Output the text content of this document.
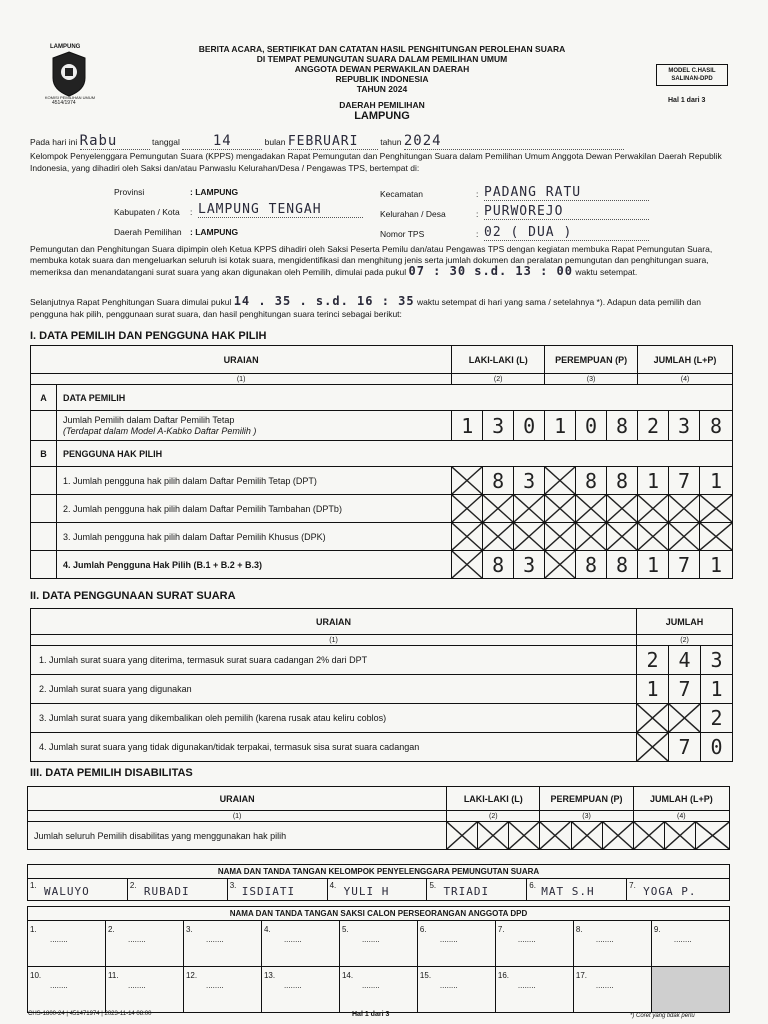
LAMPUNG
KOMISI PEMILIHAN UMUM
4514/1974
BERITA ACARA, SERTIFIKAT DAN CATATAN HASIL PENGHITUNGAN PEROLEHAN SUARA
DI TEMPAT PEMUNGUTAN SUARA DALAM PEMILIHAN UMUM
ANGGOTA DEWAN PERWAKILAN DAERAH
REPUBLIK INDONESIA
TAHUN 2024
DAERAH PEMILIHAN
LAMPUNG
MODEL C.HASIL SALINAN-DPD
Hal 1 dari 3
Pada hari ini Rabu	tanggal 14	bulan FEBRUARI	tahun 2024
Kelompok Penyelenggara Pemungutan Suara (KPPS) mengadakan Rapat Pemungutan dan Penghitungan Suara dalam Pemilihan Umum Anggota Dewan Perwakilan Daerah Republik Indonesia, yang dihadiri oleh Saksi dan/atau Panwaslu Kelurahan/Desa / Pengawas TPS, bertempat di:
Provinsi	: LAMPUNG
Kabupaten / Kota : LAMPUNG TENGAH
Daerah Pemilihan : LAMPUNG
Kecamatan	: PADANG RATU
Kelurahan / Desa	: PURWOREJO
Nomor TPS	: 02 ( DUA )
Pemungutan dan Penghitungan Suara dipimpin oleh Ketua KPPS dihadiri oleh Saksi Peserta Pemilu dan/atau Pengawas TPS dengan kegiatan membuka Rapat Pemungutan Suara, membuka kotak suara dan mengeluarkan seluruh isi kotak suara, mengidentifikasi dan menghitung jenis serta jumlah dokumen dan peralatan pemungutan dan penghitungan suara, memeriksa dan menandatangani surat suara yang akan digunakan oleh Pemilih, dimulai pada pukul 07 : 30 s.d. 13 : 00 waktu setempat.
Selanjutnya Rapat Penghitungan Suara dimulai pukul 14 . 35 . s.d. 16 : 35 waktu setempat di hari yang sama / setelahnya *). Adapun data pemilih dan pengguna hak pilih, penggunaan surat suara, dan hasil penghitungan suara terinci sebagai berikut:
I. DATA PEMILIH DAN PENGGUNA HAK PILIH
URAIAN		LAKI-LAKI (L)			PEREMPUAN (P)			JUMLAH (L+P)		
(1)		(2)			(3)			(4)		
A	DATA PEMILIH									

	Jumlah Pemilih dalam Daftar Pemilih Tetap
(Terdapat dalam Model A-Kabko Daftar Pemilih )	1	3	0	1	0	8	2	3	8
B	PENGGUNA HAK PILIH									
	1. Jumlah pengguna hak pilih dalam Daftar Pemilih Tetap (DPT)		8	3		8	8	1	7	1
	2. Jumlah pengguna hak pilih dalam Daftar Pemilih Tambahan (DPTb)	

	3. Jumlah pengguna hak pilih dalam Daftar Pemilih Khusus (DPK)	

	4. Jumlah Pengguna Hak Pilih (B.1 + B.2 + B.3)		8	3		8	8	1	7	1
II. DATA PENGGUNAAN SURAT SUARA
URAIAN	JUMLAH		
(1)	(2)		
1. Jumlah surat suara yang diterima, termasuk surat suara cadangan 2% dari DPT	2	4	3
2. Jumlah surat suara yang digunakan	1	7	1
3. Jumlah surat suara yang dikembalikan oleh pemilih (karena rusak atau keliru coblos)			2
4. Jumlah surat suara yang tidak digunakan/tidak terpakai, termasuk sisa surat suara cadangan		7	0
III. DATA PEMILIH DISABILITAS
URAIAN	LAKI-LAKI (L)			PEREMPUAN (P)			JUMLAH (L+P)		
(1)	(2)			(3)			(4)		
Jumlah seluruh Pemilih disabilitas yang menggunakan hak pilih	

NAMA DAN TANDA TANGAN KELOMPOK PENYELENGGARA PEMUNGUTAN SUARA

1. WALUYO	2. RUBADI	3. ISDIATI	4. YULI H	5. TRIADI	6. MAT S.H	7. YOGA P.
NAMA DAN TANDA TANGAN SAKSI CALON PERSEORANGAN ANGGOTA DPD								

1.
........	2.
........	3.
........	4.
........	5.
........	6.
........	7.
........	8.
........	9.
........

10.
........	11.
........	12.
........	13.
........	14.
........	15.
........	16.
........	17.
........	

CHS-1800-24 | 451471974 | 2023-11-14 08:00	Hal 1 dari 3	*) Coret yang tidak perlu
